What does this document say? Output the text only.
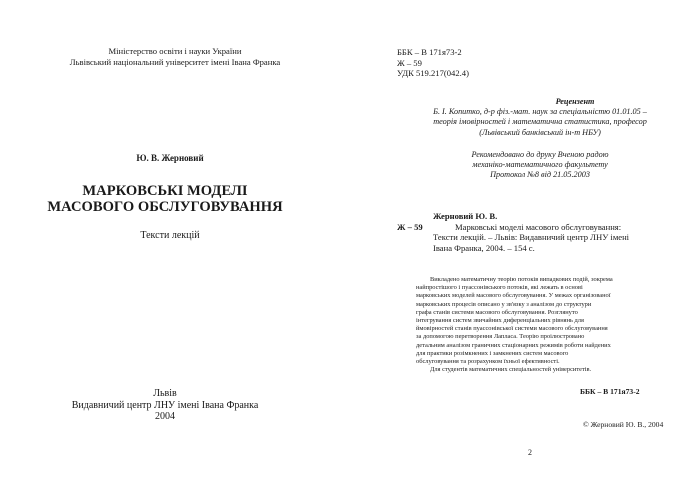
Міністерство освіти і науки України
Львівський національний університет імені Івана Франка
Ю. В. Жерновий
МАРКОВСЬКІ МОДЕЛІ
МАСОВОГО ОБСЛУГОВУВАННЯ
Тексти лекцій
Львів
Видавничий центр ЛНУ імені Івана Франка
2004
ББК – В 171я73-2
Ж – 59
УДК 519.217(042.4)
Рецензент
Б. І. Копитко, д-р фіз.-мат. наук за спеціальністю 01.01.05 –
теорія імовірностей і математична статистика, професор
(Львівський банківський ін-т НБУ)
Рекомендовано до друку Вченою радою
механіко-математичного факультету
Протокол №8 від 21.05.2003
Жерновий Ю. В.
Ж – 59	Марковські моделі масового обслуговування:
Тексти лекцій. – Львів: Видавничий центр ЛНУ імені
Івана Франка, 2004. – 154 с.
Викладено математичну теорію потоків випадкових подій, зокрема
найпростішого і пуассонівського потоків, які лежать в основі
марковських моделей масового обслуговування. У межах організованої
марковських процесів описано у зв'язку з аналізом до структури
графа станів системи масового обслуговування. Розглянуто
інтегрування систем звичайних диференціальних рівнянь для
ймовірностей станів пуассонівської системи масового обслуговування
за допомогою перетворення Лапласа. Теорію проілюстровано
детальним аналізом граничних стаціонарних режимів роботи найдених
для практики розімкнених і замкнених систем масового
обслуговування та розрахунком їхньої ефективності.
Для студентів математичних спеціальностей університетів.
ББК – В 171я73-2
© Жерновий Ю. В., 2004
2
